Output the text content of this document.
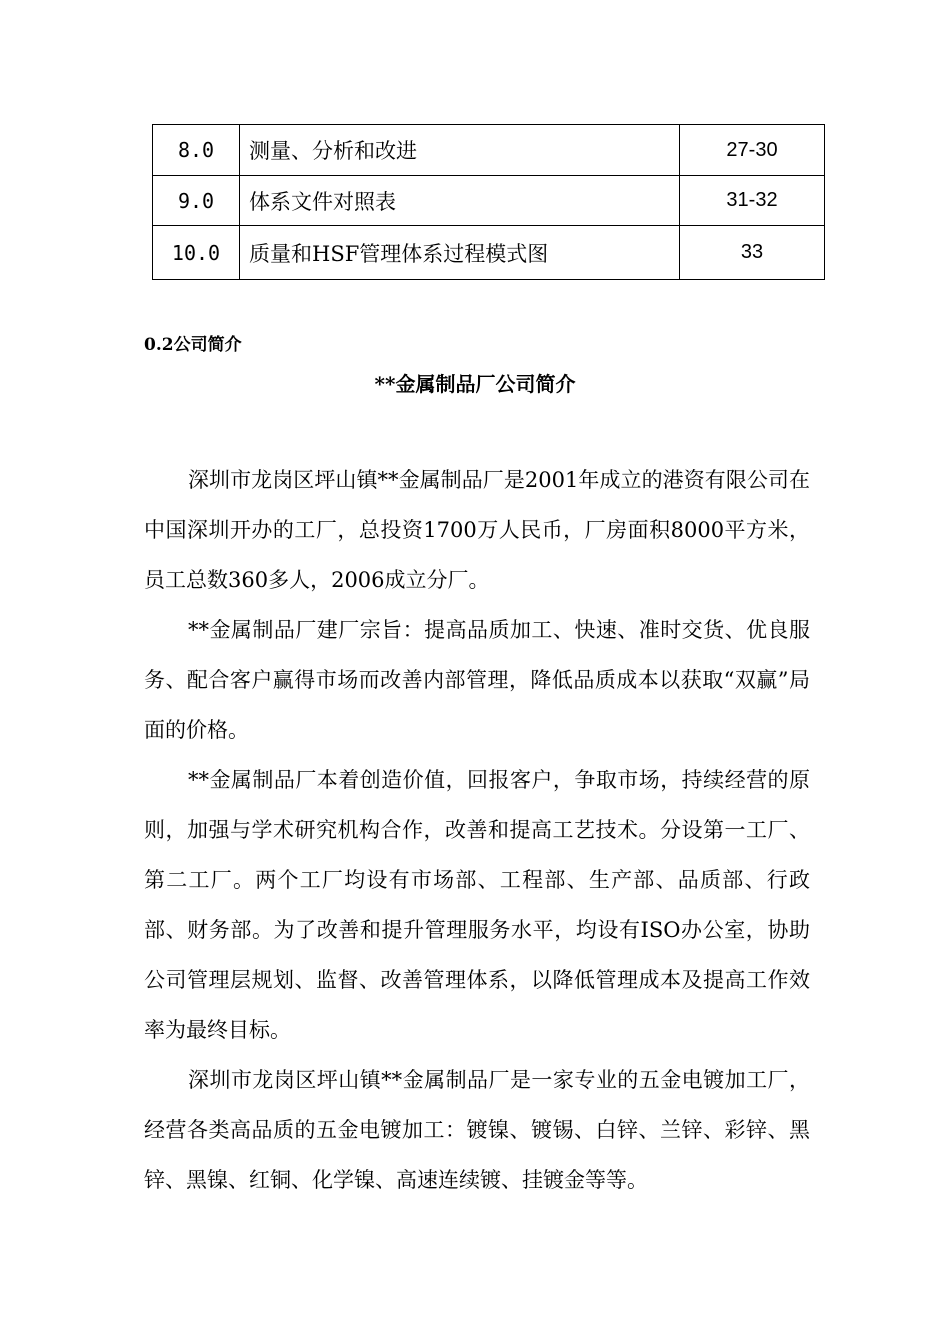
8.0	测量、分析和改进	27-30
9.0	体系文件对照表	31-32
10.0	质量和HSF管理体系过程模式图	33
0.2公司简介
**金属制品厂公司简介

深圳市龙岗区坪山镇**金属制品厂是2001年成立的港资有限公司在中国深圳开办的工厂，总投资1700万人民币，厂房面积8000平方米，员工总数360多人，2006成立分厂。

**金属制品厂建厂宗旨：提高品质加工、快速、准时交货、优良服务、配合客户赢得市场而改善内部管理，降低品质成本以获取“双赢”局面的价格。

**金属制品厂本着创造价值，回报客户，争取市场，持续经营的原则，加强与学术研究机构合作，改善和提高工艺技术。分设第一工厂、第二工厂。两个工厂均设有市场部、工程部、生产部、品质部、行政部、财务部。为了改善和提升管理服务水平，均设有ISO办公室，协助公司管理层规划、监督、改善管理体系，以降低管理成本及提高工作效率为最终目标。

深圳市龙岗区坪山镇**金属制品厂是一家专业的五金电镀加工厂，经营各类高品质的五金电镀加工：镀镍、镀锡、白锌、兰锌、彩锌、黑锌、黑镍、红铜、化学镍、高速连续镀、挂镀金等等。
